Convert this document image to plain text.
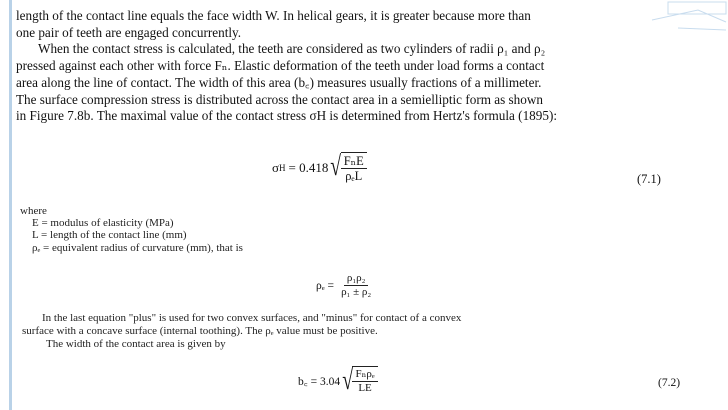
length of the contact line equals the face width W. In helical gears, it is greater because more than

one pair of teeth are engaged concurrently.

When the contact stress is calculated, the teeth are considered as two cylinders of radii ρ₁ and ρ₂

pressed against each other with force Fₙ. Elastic deformation of the teeth under load forms a contact

area along the line of contact. The width of this area (b꜀) measures usually fractions of a millimeter.

The surface compression stress is distributed across the contact area in a semielliptic form as shown

in Figure 7.8b. The maximal value of the contact stress σH is determined from Hertz's formula (1895):

σ H = 0.418 √ $\frac{\text{FₙE}}{\text{ρₑL}}$	(7.1)

where

E = modulus of elasticity (MPa)

L = length of the contact line (mm)

ρₑ = equivalent radius of curvature (mm), that is

$\rho_e = \frac{\text{ρ₁ρ₂}}{\text{ρ₁ ± ρ₂}}$

In the last equation "plus" is used for two convex surfaces, and "minus" for contact of a convex

surface with a concave surface (internal toothing). The ρₑ value must be positive.

The width of the contact area is given by

b꜀ = 3.04 √ $\frac{\text{Fₙρₑ}}{LE}$	(7.2)
